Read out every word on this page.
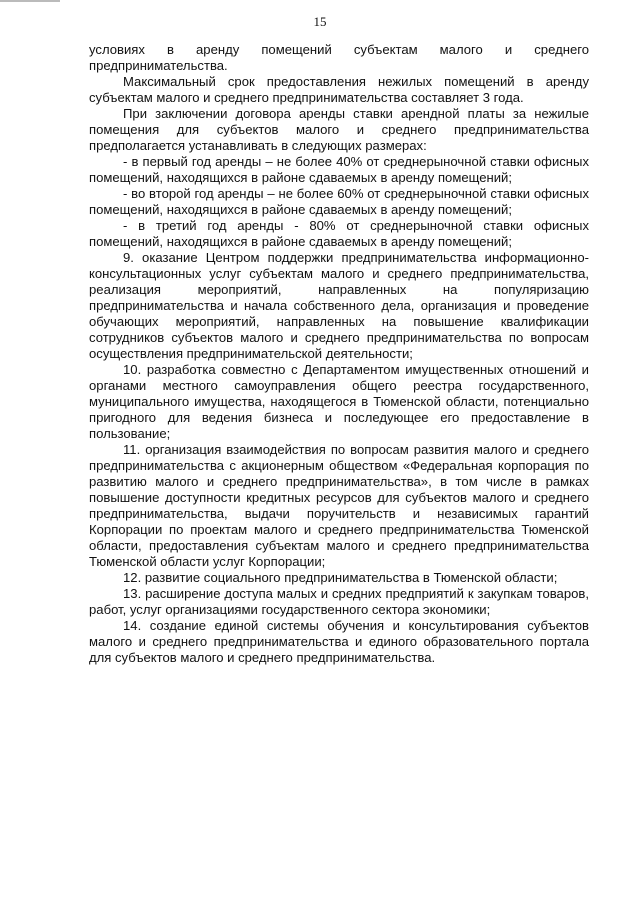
15

условиях в аренду помещений субъектам малого и среднего предпринимательства.

Максимальный срок предоставления нежилых помещений в аренду субъектам малого и среднего предпринимательства составляет 3 года.

При заключении договора аренды ставки арендной платы за нежилые помещения для субъектов малого и среднего предпринимательства предполагается устанавливать в следующих размерах:

- в первый год аренды – не более 40% от среднерыночной ставки офисных помещений, находящихся в районе сдаваемых в аренду помещений;

- во второй год аренды – не более 60% от среднерыночной ставки офисных помещений, находящихся в районе сдаваемых в аренду помещений;

- в третий год аренды - 80% от среднерыночной ставки офисных помещений, находящихся в районе сдаваемых в аренду помещений;

9. оказание Центром поддержки предпринимательства информационно-консультационных услуг субъектам малого и среднего предпринимательства, реализация мероприятий, направленных на популяризацию предпринимательства и начала собственного дела, организация и проведение обучающих мероприятий, направленных на повышение квалификации сотрудников субъектов малого и среднего предпринимательства по вопросам осуществления предпринимательской деятельности;

10. разработка совместно с Департаментом имущественных отношений и органами местного самоуправления общего реестра государственного, муниципального имущества, находящегося в Тюменской области, потенциально пригодного для ведения бизнеса и последующее его предоставление в пользование;

11. организация взаимодействия по вопросам развития малого и среднего предпринимательства с акционерным обществом «Федеральная корпорация по развитию малого и среднего предпринимательства», в том числе в рамках повышение доступности кредитных ресурсов для субъектов малого и среднего предпринимательства, выдачи поручительств и независимых гарантий Корпорации по проектам малого и среднего предпринимательства Тюменской области, предоставления субъектам малого и среднего предпринимательства Тюменской области услуг Корпорации;

12. развитие социального предпринимательства в Тюменской области;

13. расширение доступа малых и средних предприятий к закупкам товаров, работ, услуг организациями государственного сектора экономики;

14. создание единой системы обучения и консультирования субъектов малого и среднего предпринимательства и единого образовательного портала для субъектов малого и среднего предпринимательства.
